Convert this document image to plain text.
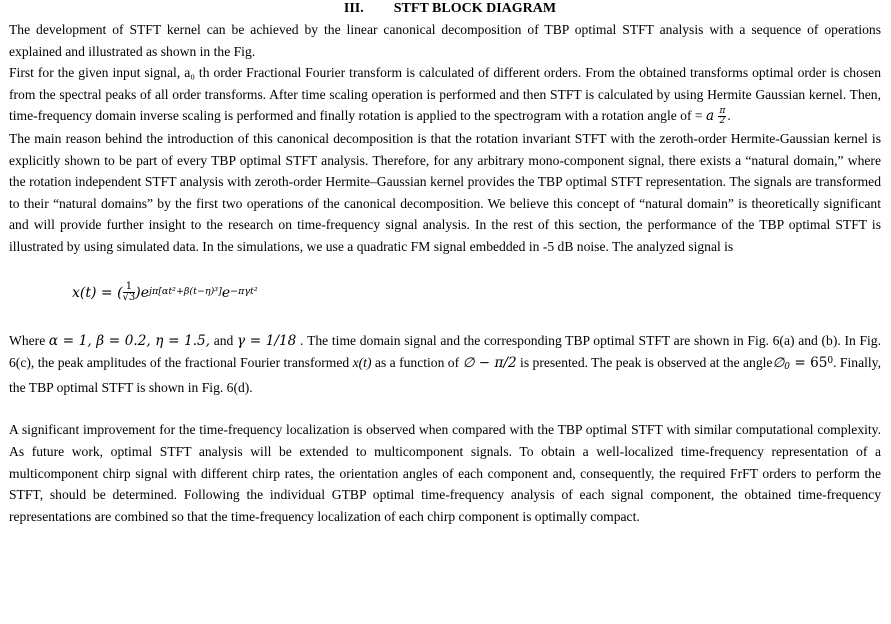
III. STFT BLOCK DIAGRAM

The development of STFT kernel can be achieved by the linear canonical decomposition of TBP optimal STFT analysis with a sequence of operations explained and illustrated as shown in the Fig.

First for the given input signal, a₀ th order Fractional Fourier transform is calculated of different orders. From the obtained transforms optimal order is chosen from the spectral peaks of all order transforms. After time scaling operation is performed and then STFT is calculated by using Hermite Gaussian kernel. Then, time-frequency domain inverse scaling is performed and finally rotation is applied to the spectrogram with a rotation angle of = a $\frac{\pi}{2}$ .

The main reason behind the introduction of this canonical decomposition is that the rotation invariant STFT with the zeroth-order Hermite-Gaussian kernel is explicitly shown to be part of every TBP optimal STFT analysis. Therefore, for any arbitrary mono-component signal, there exists a “natural domain,” where the rotation independent STFT analysis with zeroth-order Hermite–Gaussian kernel provides the TBP optimal STFT representation. The signals are transformed to their “natural domains” by the first two operations of the canonical decomposition. We believe this concept of “natural domain” is theoretically significant and will provide further insight to the research on time-frequency signal analysis. In the rest of this section, the performance of the TBP optimal STFT is illustrated by using simulated data. In the simulations, we use a quadratic FM signal embedded in -5 dB noise. The analyzed signal is

x(t) = ( $\frac{1}{√3} )e^{j\pi[\alpha t^2+\beta(t-\eta)^3]}e^{-\pi\gamma t^2}$

Where α = 1, β = 0.2, η = 1.5, and γ = 1/18 . The time domain signal and the corresponding TBP optimal STFT are shown in Fig. 6(a) and (b). In Fig. 6(c), the peak amplitudes of the fractional Fourier transformed x(t) as a function of ∅ − π/2 is presented. The peak is observed at the $angle\emptyset_0 = 65^0$. Finally, the TBP optimal STFT is shown in Fig. 6(d).

A significant improvement for the time-frequency localization is observed when compared with the TBP optimal STFT with similar computational complexity. As future work, optimal STFT analysis will be extended to multicomponent signals. To obtain a well-localized time-frequency representation of a multicomponent chirp signal with different chirp rates, the orientation angles of each component and, consequently, the required FrFT orders to perform the STFT, should be determined. Following the individual GTBP optimal time-frequency analysis of each signal component, the obtained time-frequency representations are combined so that the time-frequency localization of each chirp component is optimally compact.
